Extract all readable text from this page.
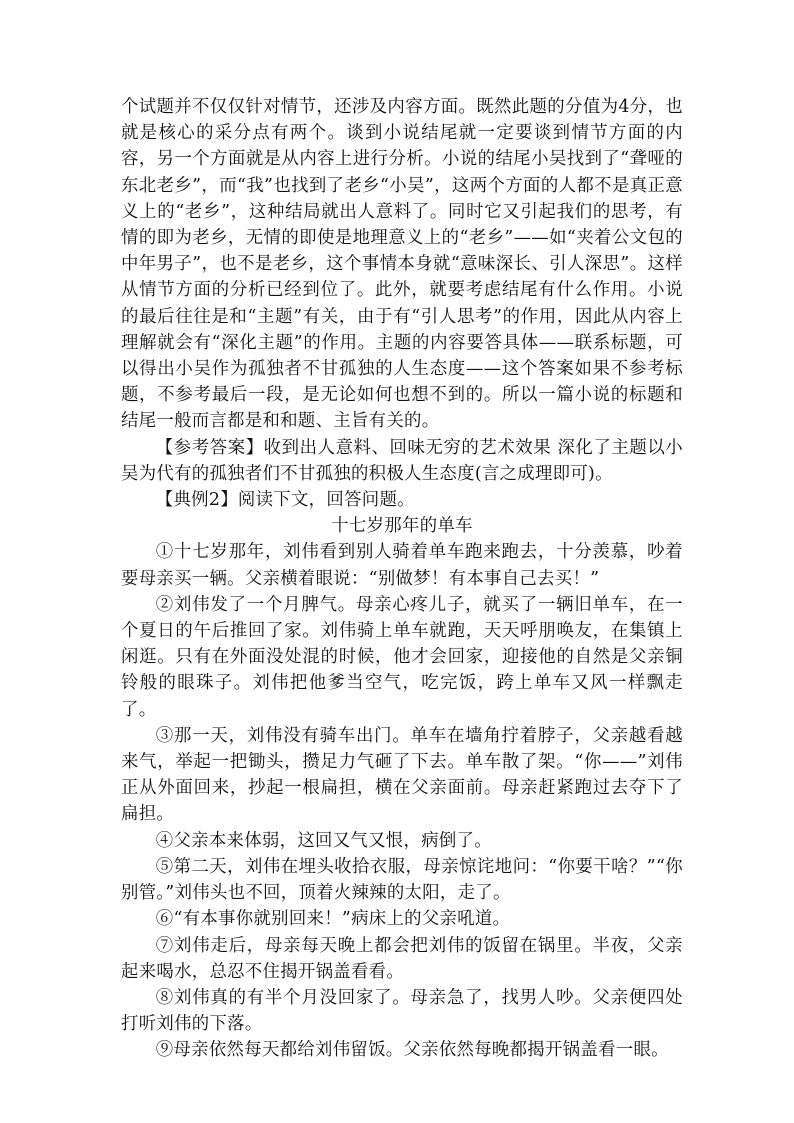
个试题并不仅仅针对情节，还涉及内容方面。既然此题的分值为4分，也就是核心的采分点有两个。谈到小说结尾就一定要谈到情节方面的内容，另一个方面就是从内容上进行分析。小说的结尾小吴找到了“聋哑的东北老乡”，而“我”也找到了老乡“小吴”，这两个方面的人都不是真正意义上的“老乡”，这种结局就出人意料了。同时它又引起我们的思考，有情的即为老乡，无情的即使是地理意义上的“老乡”——如“夹着公文包的中年男子”，也不是老乡，这个事情本身就“意味深长、引人深思”。这样从情节方面的分析已经到位了。此外，就要考虑结尾有什么作用。小说的最后往往是和“主题”有关，由于有“引人思考”的作用，因此从内容上理解就会有“深化主题”的作用。主题的内容要答具体——联系标题，可以得出小吴作为孤独者不甘孤独的人生态度——这个答案如果不参考标题，不参考最后一段，是无论如何也想不到的。所以一篇小说的标题和结尾一般而言都是和和题、主旨有关的。

【参考答案】收到出人意料、回味无穷的艺术效果 深化了主题以小吴为代有的孤独者们不甘孤独的积极人生态度(言之成理即可)。

【典例2】阅读下文，回答问题。

十七岁那年的单车

①十七岁那年，刘伟看到别人骑着单车跑来跑去，十分羡慕，吵着要母亲买一辆。父亲横着眼说：“别做梦！有本事自己去买！”

②刘伟发了一个月脾气。母亲心疼儿子，就买了一辆旧单车，在一个夏日的午后推回了家。刘伟骑上单车就跑，天天呼朋唤友，在集镇上闲逛。只有在外面没处混的时候，他才会回家，迎接他的自然是父亲铜铃般的眼珠子。刘伟把他爹当空气，吃完饭，跨上单车又风一样飘走了。

③那一天，刘伟没有骑车出门。单车在墙角拧着脖子，父亲越看越来气，举起一把锄头，攒足力气砸了下去。单车散了架。“你——”刘伟正从外面回来，抄起一根扁担，横在父亲面前。母亲赶紧跑过去夺下了扁担。

④父亲本来体弱，这回又气又恨，病倒了。

⑤第二天，刘伟在埋头收拾衣服，母亲惊诧地问：“你要干啥？”“你别管。”刘伟头也不回，顶着火辣辣的太阳，走了。

⑥“有本事你就别回来！”病床上的父亲吼道。

⑦刘伟走后，母亲每天晚上都会把刘伟的饭留在锅里。半夜，父亲起来喝水，总忍不住揭开锅盖看看。

⑧刘伟真的有半个月没回家了。母亲急了，找男人吵。父亲便四处打听刘伟的下落。

⑨母亲依然每天都给刘伟留饭。父亲依然每晚都揭开锅盖看一眼。
